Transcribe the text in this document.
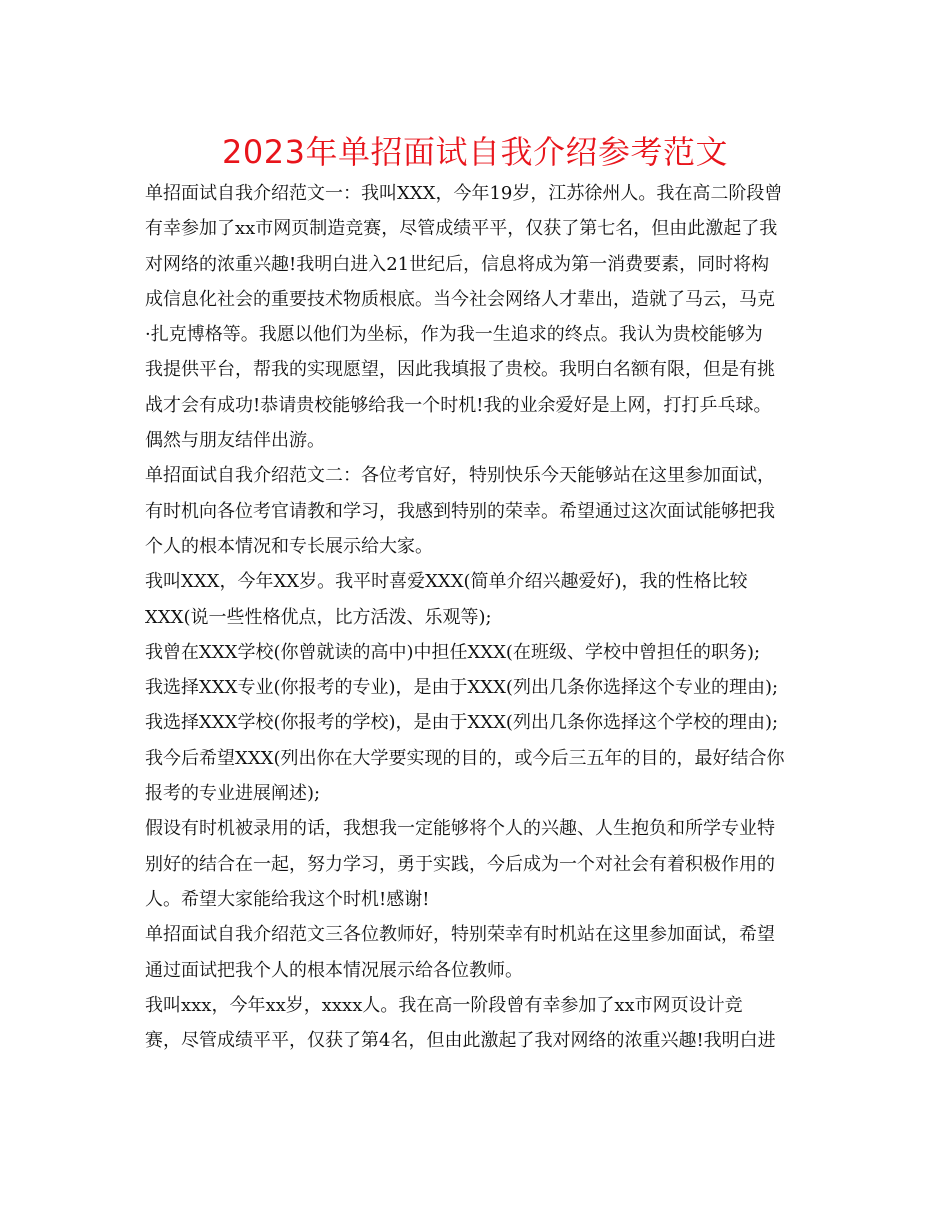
2023年单招面试自我介绍参考范文
单招面试自我介绍范文一：我叫XXX，今年19岁，江苏徐州人。我在高二阶段曾
有幸参加了xx市网页制造竞赛，尽管成绩平平，仅获了第七名，但由此激起了我
对网络的浓重兴趣!我明白进入21世纪后，信息将成为第一消费要素，同时将构
成信息化社会的重要技术物质根底。当今社会网络人才辈出，造就了马云，马克
·扎克博格等。我愿以他们为坐标，作为我一生追求的终点。我认为贵校能够为
我提供平台，帮我的实现愿望，因此我填报了贵校。我明白名额有限，但是有挑
战才会有成功!恭请贵校能够给我一个时机!我的业余爱好是上网，打打乒乓球。
偶然与朋友结伴出游。
单招面试自我介绍范文二：各位考官好，特别快乐今天能够站在这里参加面试，
有时机向各位考官请教和学习，我感到特别的荣幸。希望通过这次面试能够把我
个人的根本情况和专长展示给大家。
我叫XXX，今年XX岁。我平时喜爱XXX(简单介绍兴趣爱好)，我的性格比较
XXX(说一些性格优点，比方活泼、乐观等);
我曾在XXX学校(你曾就读的高中)中担任XXX(在班级、学校中曾担任的职务);
我选择XXX专业(你报考的专业)，是由于XXX(列出几条你选择这个专业的理由);
我选择XXX学校(你报考的学校)，是由于XXX(列出几条你选择这个学校的理由);
我今后希望XXX(列出你在大学要实现的目的，或今后三五年的目的，最好结合你
报考的专业进展阐述);
假设有时机被录用的话，我想我一定能够将个人的兴趣、人生抱负和所学专业特
别好的结合在一起，努力学习，勇于实践，今后成为一个对社会有着积极作用的
人。希望大家能给我这个时机!感谢!
单招面试自我介绍范文三各位教师好，特别荣幸有时机站在这里参加面试，希望
通过面试把我个人的根本情况展示给各位教师。
我叫xxx，今年xx岁，xxxx人。我在高一阶段曾有幸参加了xx市网页设计竞
赛，尽管成绩平平，仅获了第4名，但由此激起了我对网络的浓重兴趣!我明白进
